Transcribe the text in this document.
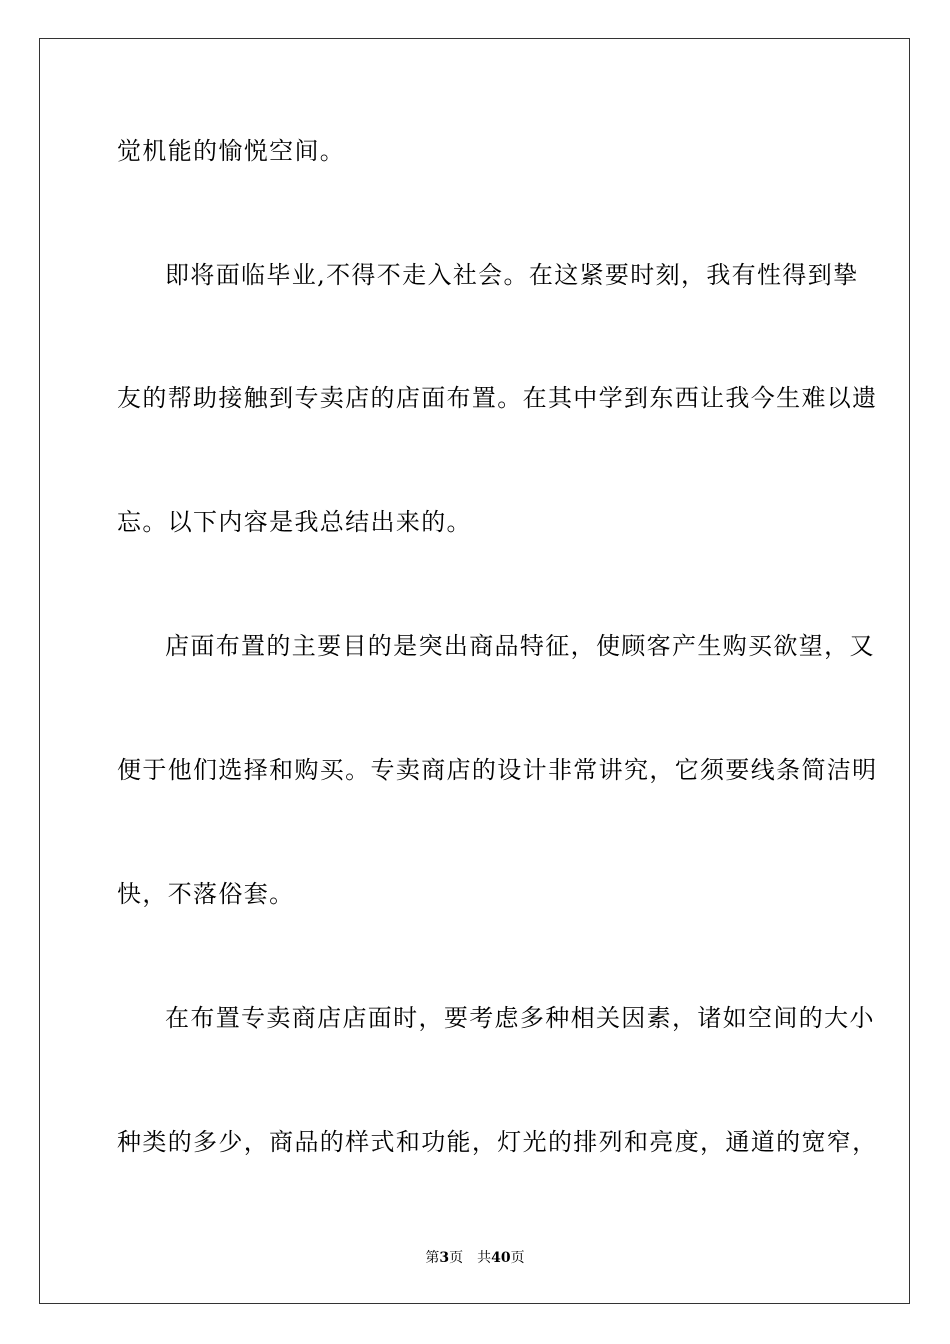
觉机能的愉悦空间。
即将面临毕业,不得不走入社会。在这紧要时刻，我有性得到挚
友的帮助接触到专卖店的店面布置。在其中学到东西让我今生难以遗
忘。以下内容是我总结出来的。
店面布置的主要目的是突出商品特征，使顾客产生购买欲望，又
便于他们选择和购买。专卖商店的设计非常讲究，它须要线条简洁明
快，不落俗套。
在布置专卖商店店面时，要考虑多种相关因素，诸如空间的大小
种类的多少，商品的样式和功能，灯光的排列和亮度，通道的宽窄，
第3页 共40页
